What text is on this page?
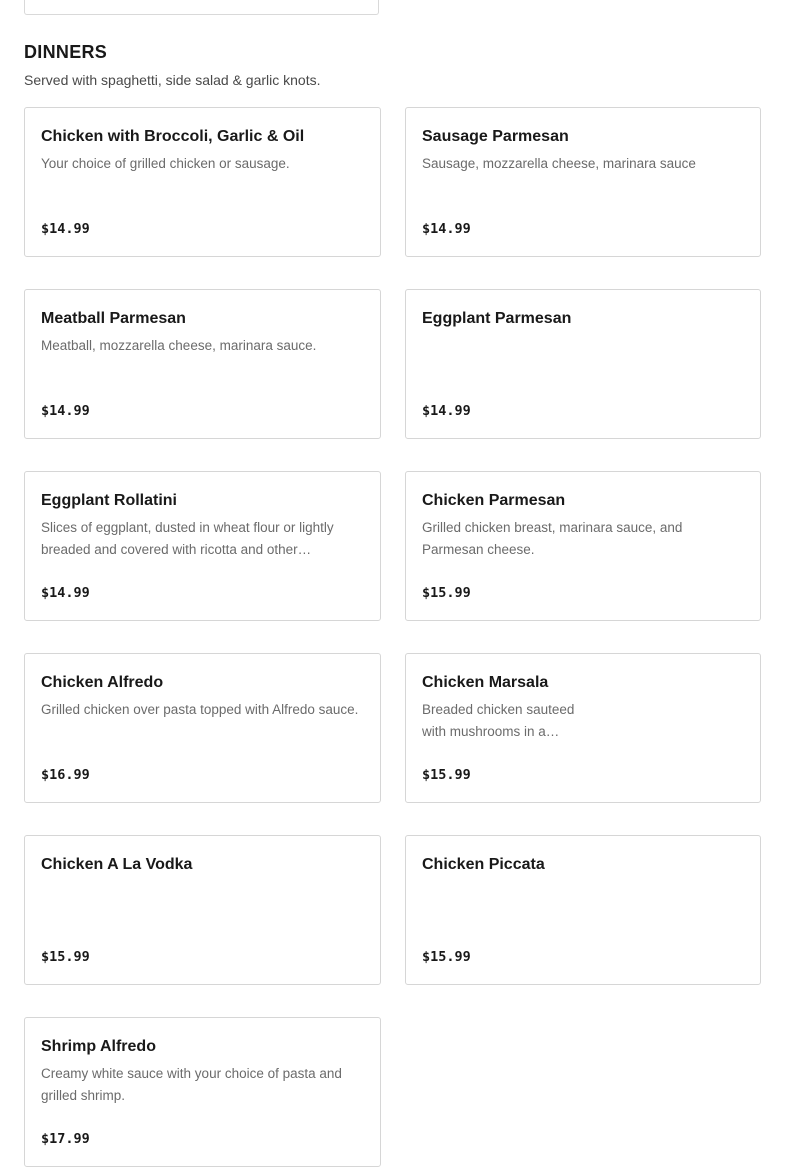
DINNERS

Served with spaghetti, side salad & garlic knots.

Chicken with Broccoli, Garlic & Oil

Your choice of grilled chicken or sausage.

$14.99
Sausage Parmesan

Sausage, mozzarella cheese, marinara sauce

$14.99
Meatball Parmesan

Meatball, mozzarella cheese, marinara sauce.

$14.99
Eggplant Parmesan

$14.99
Eggplant Rollatini

Slices of eggplant, dusted in wheat flour or lightly breaded and covered with ricotta and other…

$14.99
Chicken Parmesan

Grilled chicken breast, marinara sauce, and Parmesan cheese.

$15.99
Chicken Alfredo

Grilled chicken over pasta topped with Alfredo sauce.

$16.99
Chicken Marsala

Breaded chicken sauteed with mushrooms in a…

$15.99
Chicken A La Vodka

$15.99
Chicken Piccata

$15.99
Shrimp Alfredo

Creamy white sauce with your choice of pasta and grilled shrimp.

$17.99
